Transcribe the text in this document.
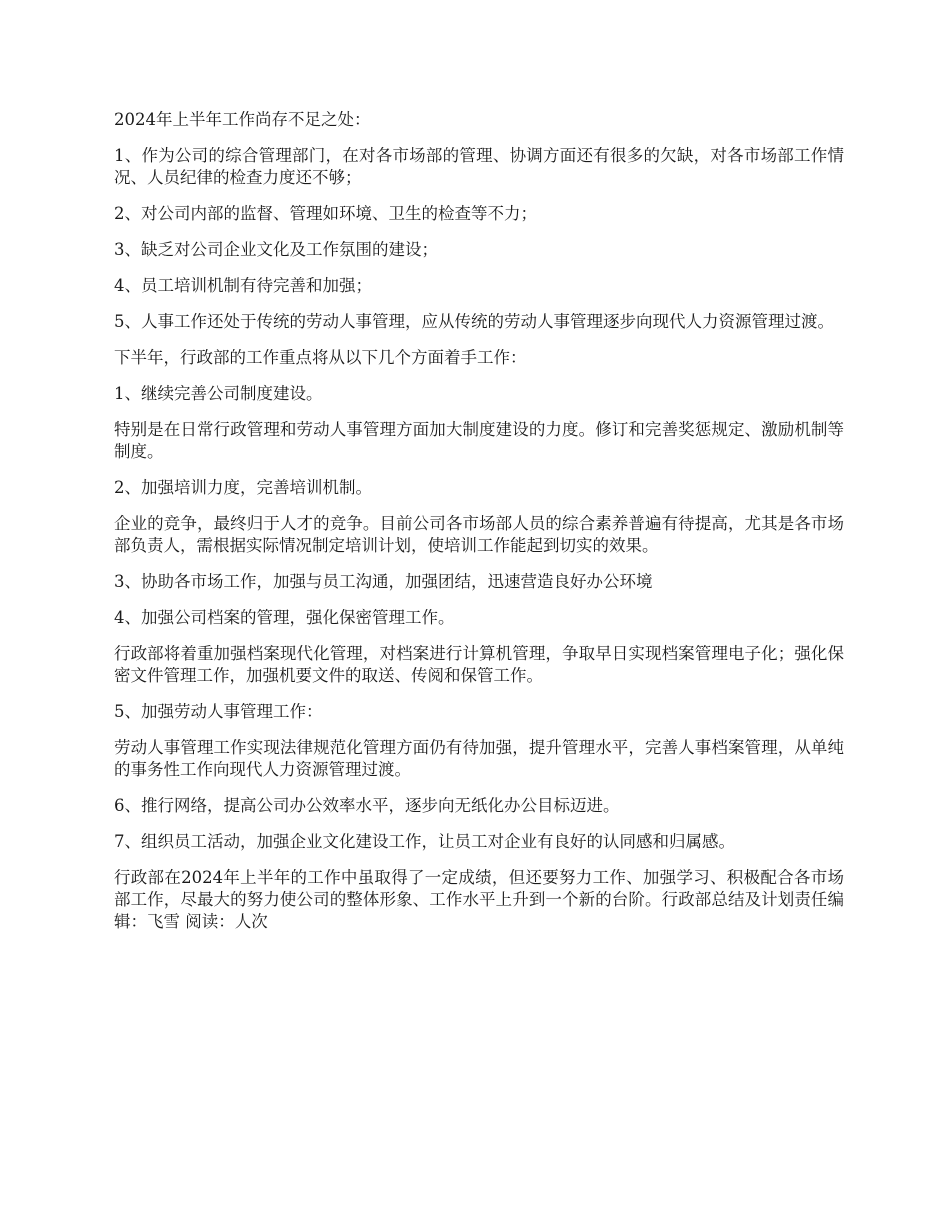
2024年上半年工作尚存不足之处：

1、作为公司的综合管理部门，在对各市场部的管理、协调方面还有很多的欠缺，对各市场部工作情况、人员纪律的检查力度还不够；

2、对公司内部的监督、管理如环境、卫生的检查等不力；

3、缺乏对公司企业文化及工作氛围的建设；

4、员工培训机制有待完善和加强；

5、人事工作还处于传统的劳动人事管理，应从传统的劳动人事管理逐步向现代人力资源管理过渡。

下半年，行政部的工作重点将从以下几个方面着手工作：

1、继续完善公司制度建设。

特别是在日常行政管理和劳动人事管理方面加大制度建设的力度。修订和完善奖惩规定、激励机制等制度。

2、加强培训力度，完善培训机制。

企业的竞争，最终归于人才的竞争。目前公司各市场部人员的综合素养普遍有待提高，尤其是各市场部负责人，需根据实际情况制定培训计划，使培训工作能起到切实的效果。

3、协助各市场工作，加强与员工沟通，加强团结，迅速营造良好办公环境

4、加强公司档案的管理，强化保密管理工作。

行政部将着重加强档案现代化管理，对档案进行计算机管理，争取早日实现档案管理电子化；强化保密文件管理工作，加强机要文件的取送、传阅和保管工作。

5、加强劳动人事管理工作：

劳动人事管理工作实现法律规范化管理方面仍有待加强，提升管理水平，完善人事档案管理，从单纯的事务性工作向现代人力资源管理过渡。

6、推行网络，提高公司办公效率水平，逐步向无纸化办公目标迈进。

7、组织员工活动，加强企业文化建设工作，让员工对企业有良好的认同感和归属感。

行政部在2024年上半年的工作中虽取得了一定成绩，但还要努力工作、加强学习、积极配合各市场部工作，尽最大的努力使公司的整体形象、工作水平上升到一个新的台阶。行政部总结及计划责任编辑：飞雪 阅读：人次
